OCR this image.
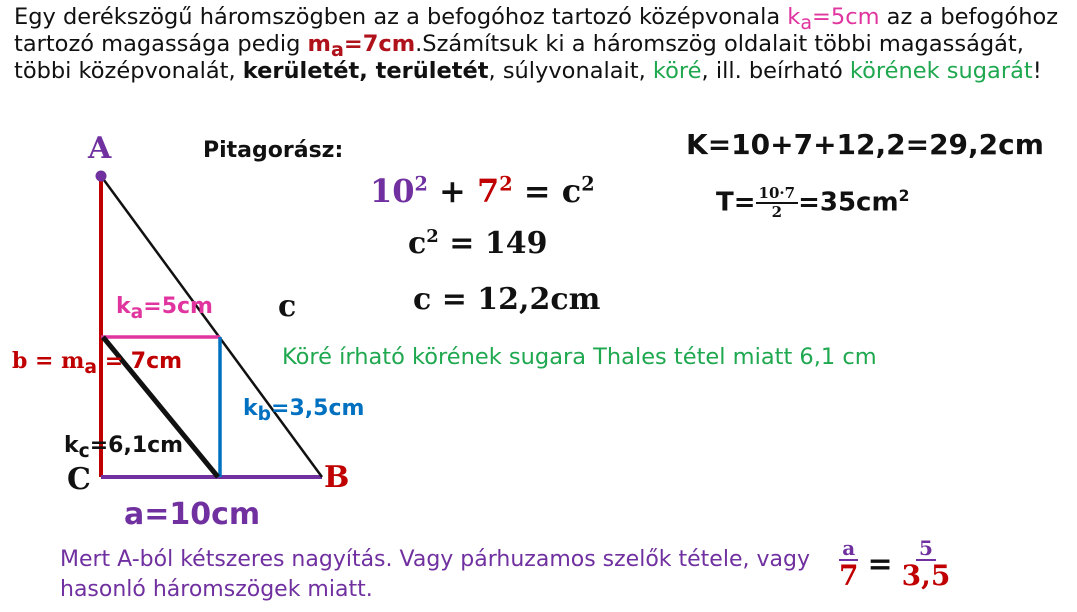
Egy derékszögű háromszögben az a befogóhoz tartozó középvonala $k_a=5cm$ az a befogóhoz tartozó magassága pedig $m_a=7cm.Számítsuk$ ki a háromszög oldalait többi magasságát, többi középvonalát, kerületét, területét, súlyvonalait, köré, ill. beírható körének sugarát!
A
B
C
c
$k_a=5cm$
$b = m_a = 7cm$
$k_b=3,5cm$
$k_c=6,1cm$
a=10cm
Pitagorász:
$10^2 + 7^2 = c^2$
$c^2 = 149$
c = 12,2cm
K=10+7+12,2=29,2cm
$T= \frac{10\cdot 7}{2} =35cm^2$
Köré írható körének sugara Thales tétel miatt 6,1 cm
Mert A-ból kétszeres nagyítás. Vagy párhuzamos szelők tétele, vagy hasonló háromszögek miatt.	$\frac{a}{7} = \frac{5}{3,5}$
